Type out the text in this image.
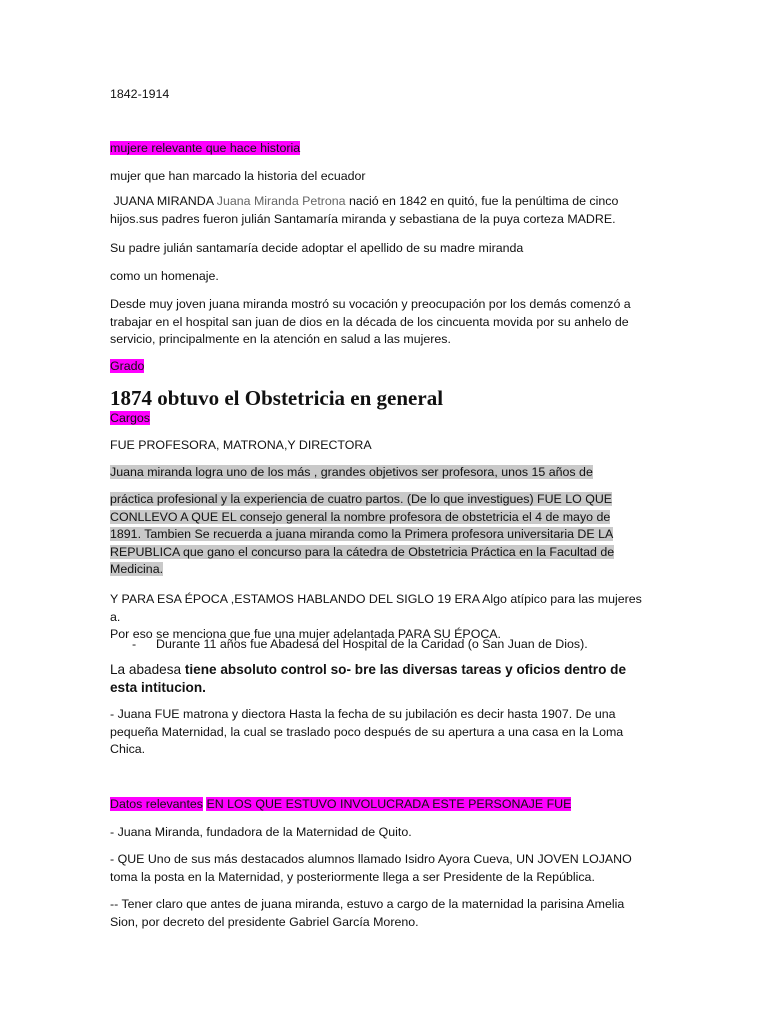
1842-1914
mujere relevante que hace historia
mujer que han marcado la historia del ecuador
JUANA MIRANDA Juana Miranda Petrona nació en 1842 en quitó, fue la penúltima de cinco
hijos.sus padres fueron julián Santamaría miranda y sebastiana de la puya corteza MADRE.
Su padre julián santamaría decide adoptar el apellido de su madre miranda
como un homenaje.
Desde muy joven juana miranda mostró su vocación y preocupación por los demás comenzó a
trabajar en el hospital san juan de dios en la década de los cincuenta movida por su anhelo de
servicio, principalmente en la atención en salud a las mujeres.
Grado
1874 obtuvo el Obstetricia en general
Cargos
FUE PROFESORA, MATRONA,Y DIRECTORA
Juana miranda logra uno de los más , grandes objetivos ser profesora, unos 15 años de
práctica profesional y la experiencia de cuatro partos. (De lo que investigues) FUE LO QUE
CONLLEVO A QUE EL consejo general la nombre profesora de obstetricia el 4 de mayo de
1891. Tambien Se recuerda a juana miranda como la Primera profesora universitaria DE LA
REPUBLICA que gano el concurso para la cátedra de Obstetricia Práctica en la Facultad de
Medicina.
Y PARA ESA ÉPOCA ,ESTAMOS HABLANDO DEL SIGLO 19 ERA Algo atípico para las mujeres a.
Por eso se menciona que fue una mujer adelantada PARA SU ÉPOCA.
- Durante 11 años fue Abadesa del Hospital de la Caridad (o San Juan de Dios).
La abadesa tiene absoluto control so- bre las diversas tareas y oficios dentro de
esta intitucion.
- Juana FUE matrona y diectora Hasta la fecha de su jubilación es decir hasta 1907. De una
pequeña Maternidad, la cual se traslado poco después de su apertura a una casa en la Loma
Chica.
Datos relevantes EN LOS QUE ESTUVO INVOLUCRADA ESTE PERSONAJE FUE
- Juana Miranda, fundadora de la Maternidad de Quito.
- QUE Uno de sus más destacados alumnos llamado Isidro Ayora Cueva, UN JOVEN LOJANO
toma la posta en la Maternidad, y posteriormente llega a ser Presidente de la República.
-- Tener claro que antes de juana miranda, estuvo a cargo de la maternidad la parisina Amelia
Sion, por decreto del presidente Gabriel García Moreno.
